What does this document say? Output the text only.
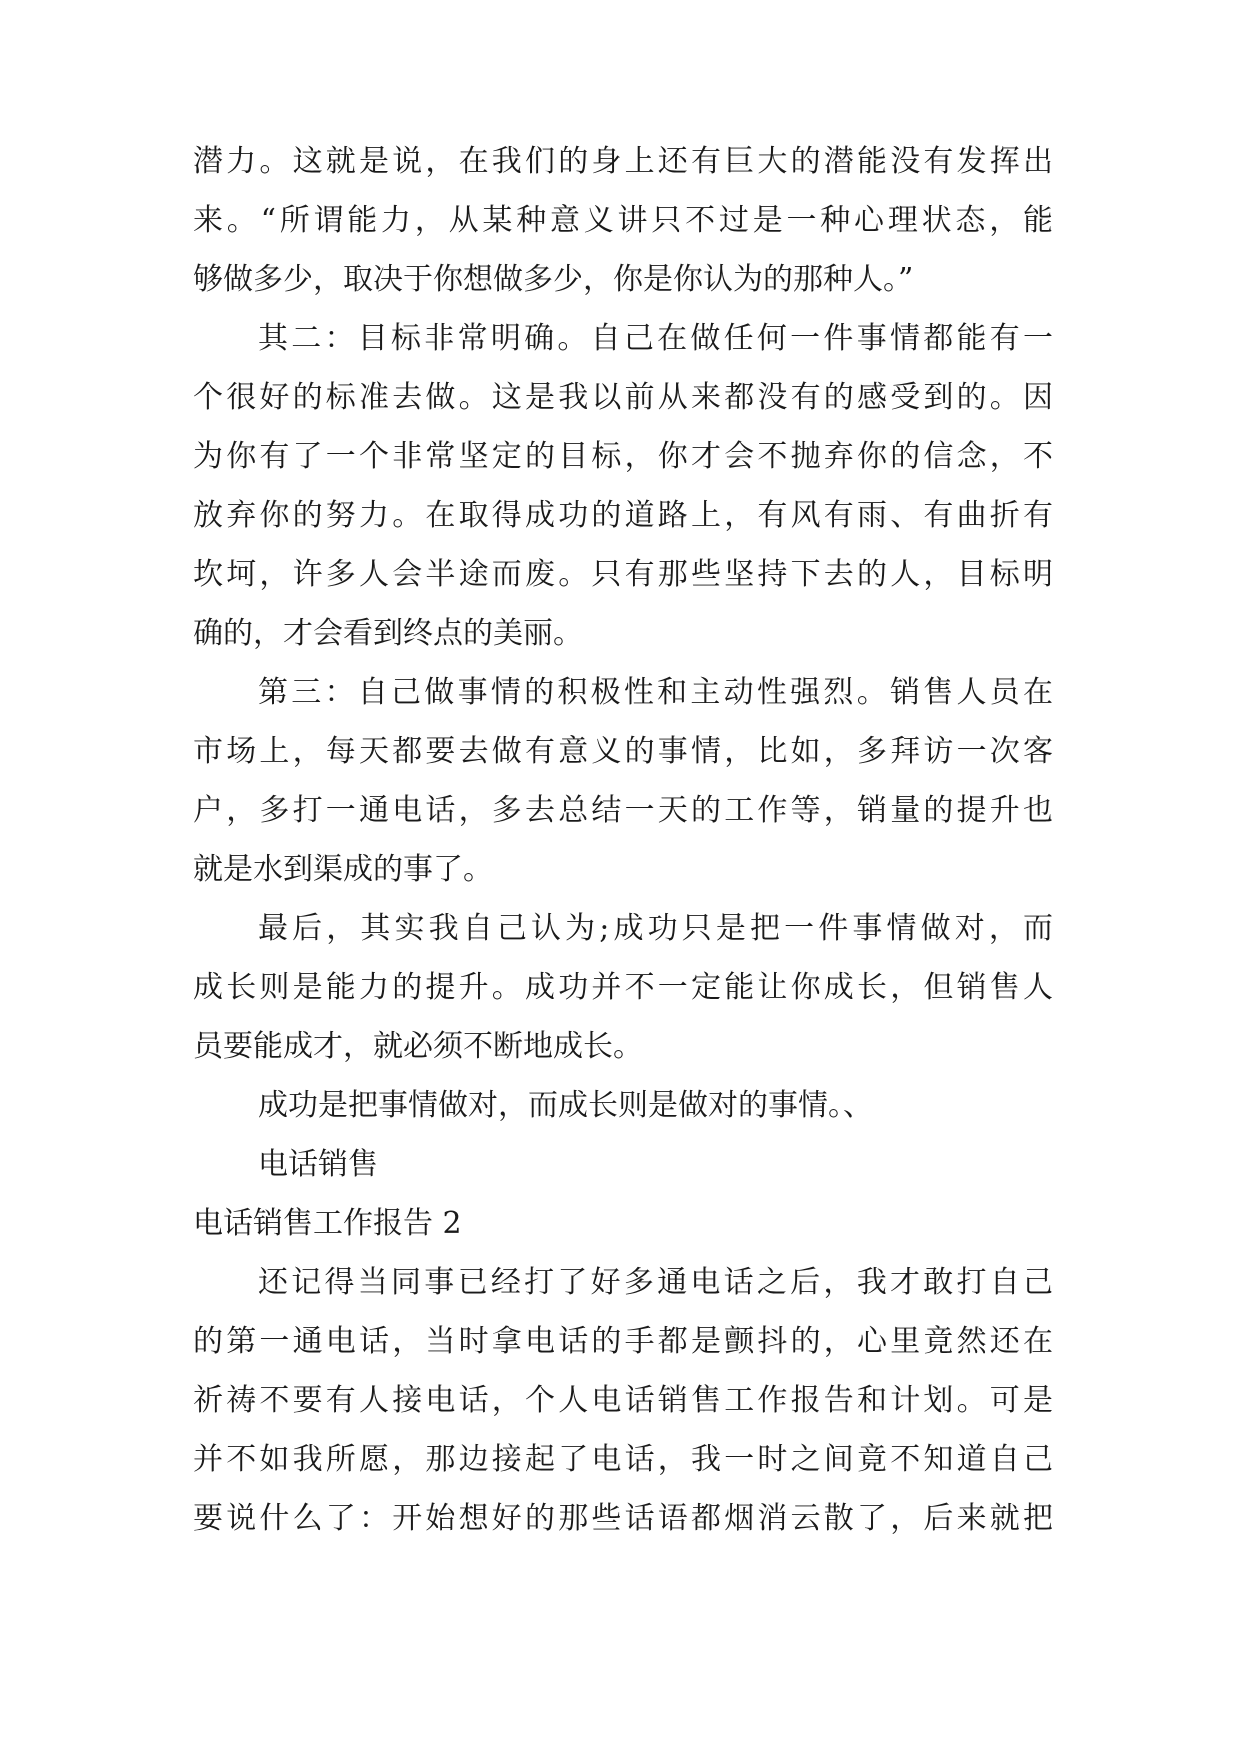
潜力。这就是说，在我们的身上还有巨大的潜能没有发挥出
来。“所谓能力，从某种意义讲只不过是一种心理状态，能
够做多少，取决于你想做多少，你是你认为的那种人。”
其二：目标非常明确。自己在做任何一件事情都能有一
个很好的标准去做。这是我以前从来都没有的感受到的。因
为你有了一个非常坚定的目标，你才会不抛弃你的信念，不
放弃你的努力。在取得成功的道路上，有风有雨、有曲折有
坎坷，许多人会半途而废。只有那些坚持下去的人，目标明
确的，才会看到终点的美丽。
第三：自己做事情的积极性和主动性强烈。销售人员在
市场上，每天都要去做有意义的事情，比如，多拜访一次客
户，多打一通电话，多去总结一天的工作等，销量的提升也
就是水到渠成的事了。
最后，其实我自己认为;成功只是把一件事情做对，而
成长则是能力的提升。成功并不一定能让你成长，但销售人
员要能成才，就必须不断地成长。
成功是把事情做对，而成长则是做对的事情。、
电话销售
电话销售工作报告 2
还记得当同事已经打了好多通电话之后，我才敢打自己
的第一通电话，当时拿电话的手都是颤抖的，心里竟然还在
祈祷不要有人接电话，个人电话销售工作报告和计划。可是
并不如我所愿，那边接起了电话，我一时之间竟不知道自己
要说什么了：开始想好的那些话语都烟消云散了，后来就把
